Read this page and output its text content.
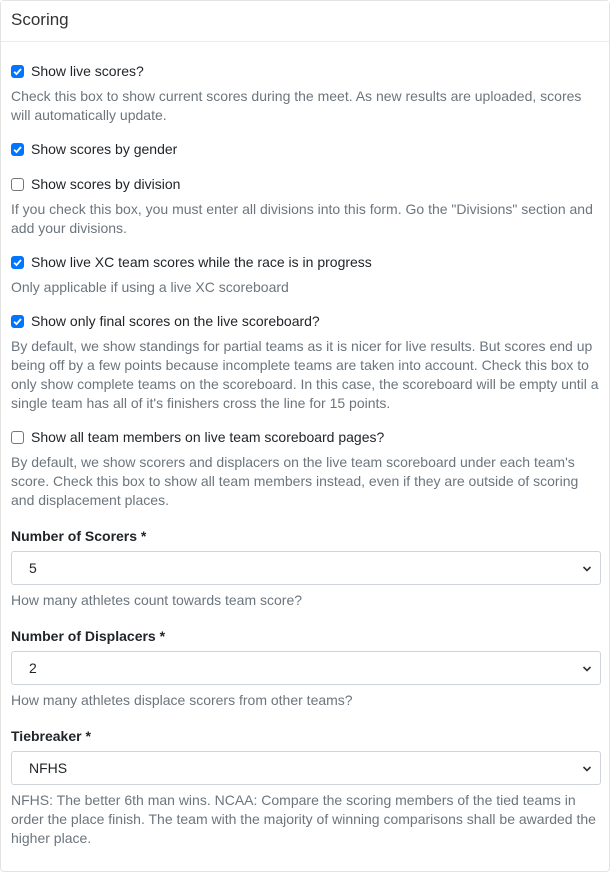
Scoring
Show live scores?
Check this box to show current scores during the meet. As new results are uploaded, scores will automatically update.
Show scores by gender
Show scores by division
If you check this box, you must enter all divisions into this form. Go the "Divisions" section and add your divisions.
Show live XC team scores while the race is in progress
Only applicable if using a live XC scoreboard
Show only final scores on the live scoreboard?
By default, we show standings for partial teams as it is nicer for live results. But scores end up being off by a few points because incomplete teams are taken into account. Check this box to only show complete teams on the scoreboard. In this case, the scoreboard will be empty until a single team has all of it's finishers cross the line for 15 points.
Show all team members on live team scoreboard pages?
By default, we show scorers and displacers on the live team scoreboard under each team's score. Check this box to show all team members instead, even if they are outside of scoring and displacement places.
Number of Scorers *
5
How many athletes count towards team score?
Number of Displacers *
2
How many athletes displace scorers from other teams?
Tiebreaker *
NFHS
NFHS: The better 6th man wins. NCAA: Compare the scoring members of the tied teams in order the place finish. The team with the majority of winning comparisons shall be awarded the higher place.
